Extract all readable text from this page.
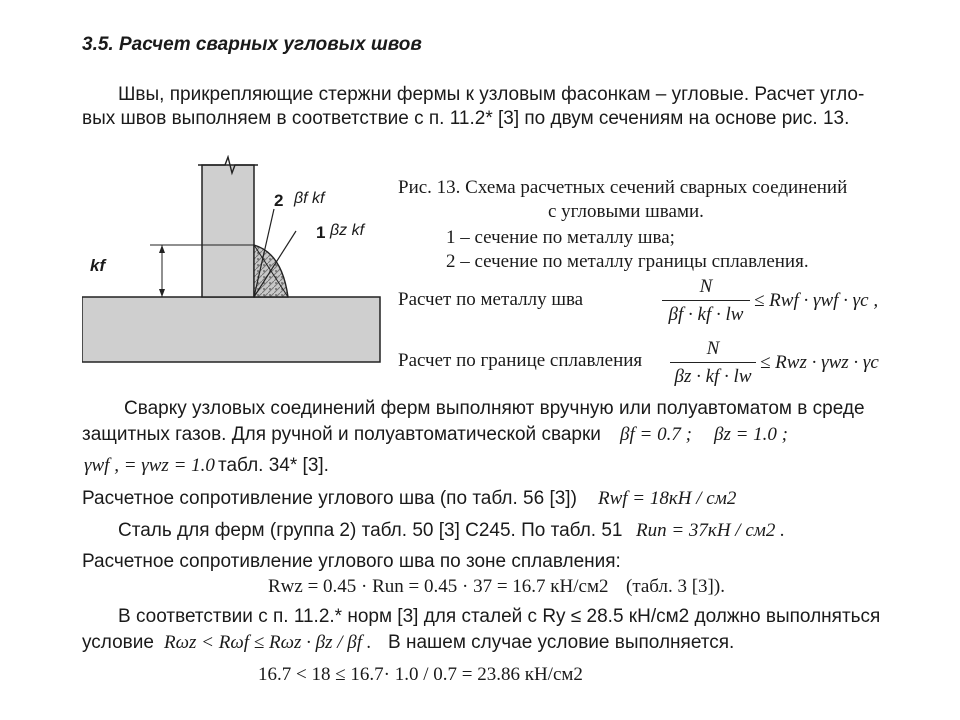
3.5. Расчет сварных угловых швов
Швы, прикрепляющие стержни фермы к узловым фасонкам – угловые. Расчет угло-
вых швов выполняем в соответствие с п. 11.2* [3] по двум сечениям на основе рис. 13.
kf
2 βf kf
1 βz kf
Рис. 13. Схема расчетных сечений сварных соединений
с угловыми швами.
1 – сечение по металлу шва;
2 – сечение по металлу границы сплавления.
Расчет по металлу шва
N
βf · kf · lw
≤ Rwf · γwf · γc ,
Расчет по границе сплавления
N
βz · kf · lw
≤ Rwz · γwz · γc
Сварку узловых соединений ферм выполняют вручную или полуавтоматом в среде
защитных газов. Для ручной и полуавтоматической сварки βf = 0.7 ; βz = 1.0 ;
γwf , = γwz = 1.0 табл. 34* [3].
Расчетное сопротивление углового шва (по табл. 56 [3]) Rwf = 18кН / см2
Сталь для ферм (группа 2) табл. 50 [3] С245. По табл. 51 Run = 37кН / см2 .
Расчетное сопротивление углового шва по зоне сплавления:
Rwz = 0.45 · Run = 0.45 · 37 = 16.7 кН/см2 (табл. 3 [3]).
В соответствии с п. 11.2.* норм [3] для сталей с Ry ≤ 28.5 кН/см2 должно выполняться
условие Rωz < Rωf ≤ Rωz · βz / βf . В нашем случае условие выполняется.
16.7 < 18 ≤ 16.7· 1.0 / 0.7 = 23.86 кН/см2
